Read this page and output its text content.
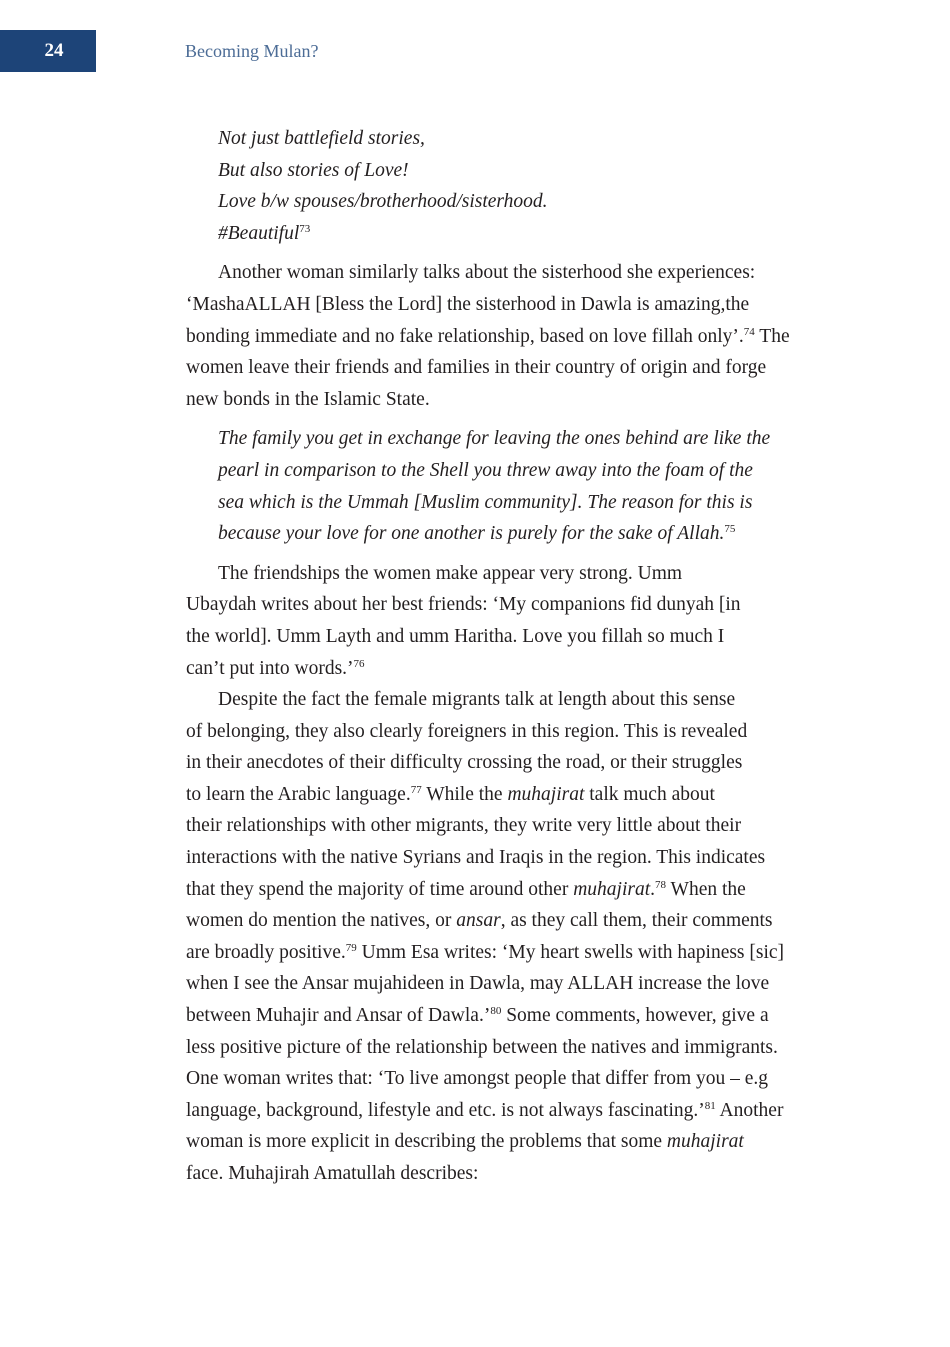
24	Becoming Mulan?
Not just battlefield stories,
But also stories of Love!
Love b/w spouses/brotherhood/sisterhood.
#Beautiful$^{73}$
Another woman similarly talks about the sisterhood she experiences:
‘MashaALLAH [Bless the Lord] the sisterhood in Dawla is amazing,the
bonding immediate and no fake relationship, based on love fillah only’.$^{74}$ The
women leave their friends and families in their country of origin and forge
new bonds in the Islamic State.
The family you get in exchange for leaving the ones behind are like the
pearl in comparison to the Shell you threw away into the foam of the
sea which is the Ummah [Muslim community]. The reason for this is
because your love for one another is purely for the sake of Allah.$^{75}$
The friendships the women make appear very strong. Umm
Ubaydah writes about her best friends: ‘My companions fid dunyah [in
the world]. Umm Layth and umm Haritha. Love you fillah so much I
can’t put into words.’$^{76}$
Despite the fact the female migrants talk at length about this sense
of belonging, they also clearly foreigners in this region. This is revealed
in their anecdotes of their difficulty crossing the road, or their struggles
to learn the Arabic language.$^{77}$ While the muhajirat talk much about
their relationships with other migrants, they write very little about their
interactions with the native Syrians and Iraqis in the region. This indicates
that they spend the majority of time around other muhajirat.$^{78}$ When the
women do mention the natives, or ansar, as they call them, their comments
are broadly positive.$^{79}$ Umm Esa writes: ‘My heart swells with hapiness [sic]
when I see the Ansar mujahideen in Dawla, may ALLAH increase the love
between Muhajir and Ansar of Dawla.’$^{80}$ Some comments, however, give a
less positive picture of the relationship between the natives and immigrants.
One woman writes that: ‘To live amongst people that differ from you – e.g
language, background, lifestyle and etc. is not always fascinating.’$^{81}$ Another
woman is more explicit in describing the problems that some muhajirat
face. Muhajirah Amatullah describes:
